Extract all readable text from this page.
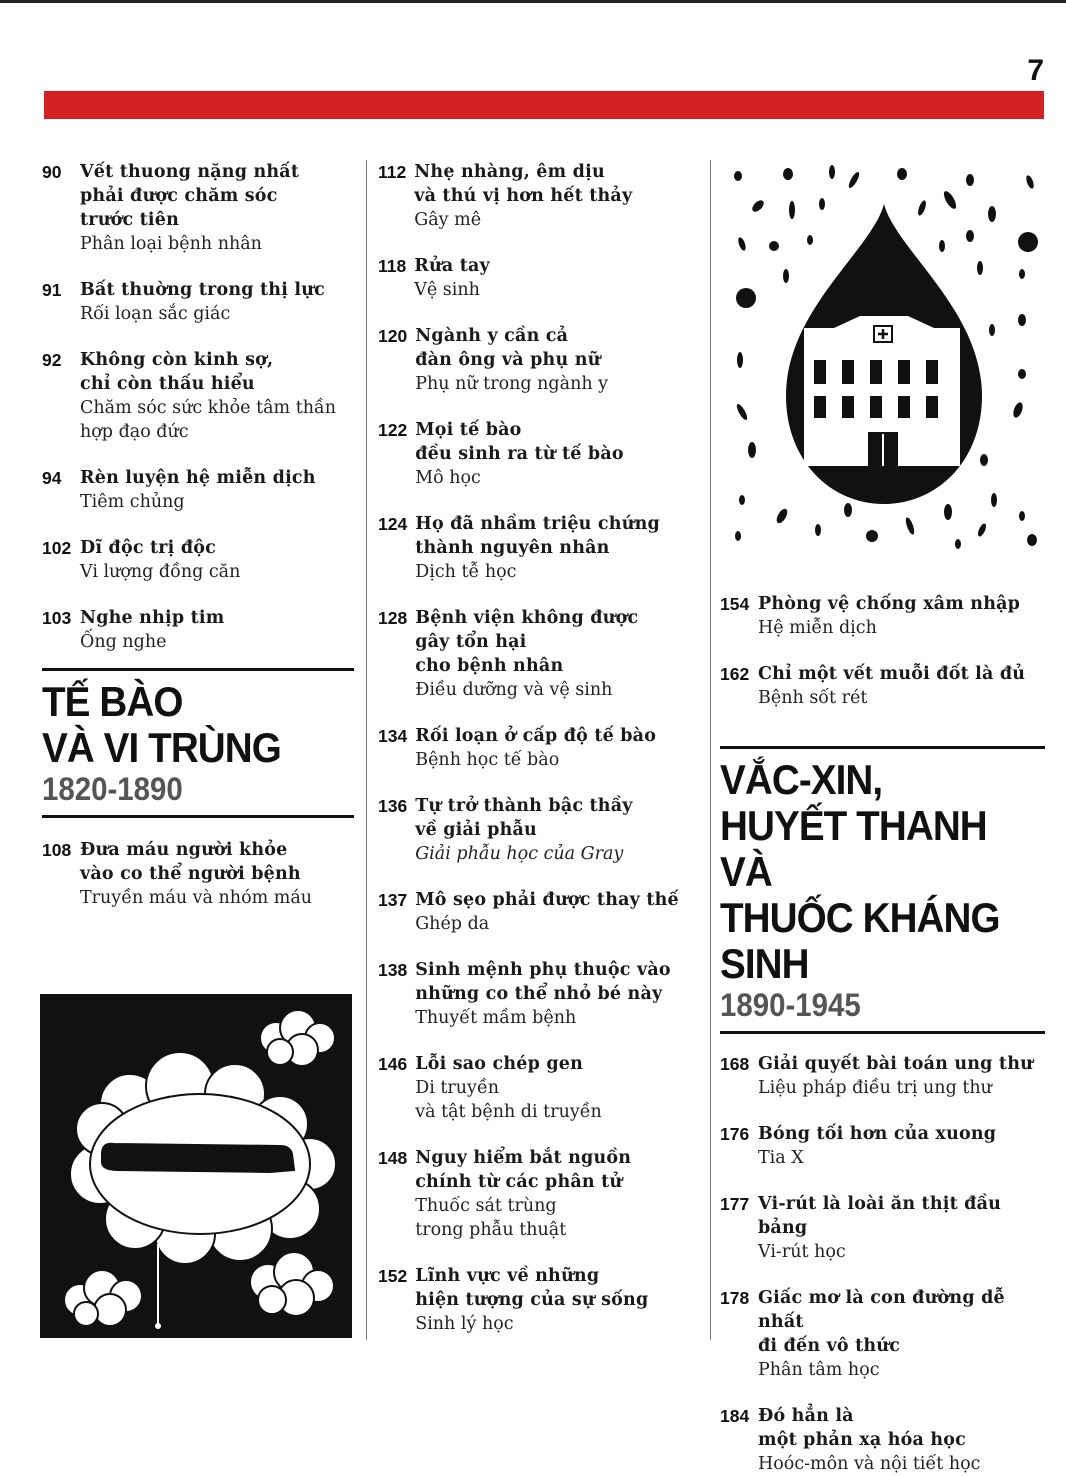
7
90	Vết thuong nặng nhất
phải được chăm sóc
trước tiên
Phân loại bệnh nhân
91	Bất thuờng trong thị lực
Rối loạn sắc giác
92	Không còn kinh sợ,
chỉ còn thấu hiểu
Chăm sóc sức khỏe tâm thần
hợp đạo đức
94	Rèn luyện hệ miễn dịch
Tiêm chủng
102 Dĩ độc trị độc
Vi lượng đồng căn
103 Nghe nhịp tim
Ống nghe
TẾ BÀO
VÀ VI TRÙNG
1820-1890
108 Đưa máu người khỏe
vào co thể người bệnh
Truyền máu và nhóm máu
112 Nhẹ nhàng, êm dịu
và thú vị hơn hết thảy
Gây mê
118 Rửa tay
Vệ sinh
120 Ngành y cần cả
đàn ông và phụ nữ
Phụ nữ trong ngành y
122 Mọi tế bào
đều sinh ra từ tế bào
Mô học
124 Họ đã nhầm triệu chứng
thành nguyên nhân
Dịch tễ học
128 Bệnh viện không được
gây tổn hại
cho bệnh nhân
Điều dưỡng và vệ sinh
134 Rối loạn ở cấp độ tế bào
Bệnh học tế bào
136 Tự trở thành bậc thầy
về giải phẫu
Giải phẫu học của Gray
137 Mô sẹo phải được thay thế
Ghép da
138 Sinh mệnh phụ thuộc vào
những co thể nhỏ bé này
Thuyết mầm bệnh
146 Lỗi sao chép gen
Di truyền
và tật bệnh di truyền
148 Nguy hiểm bắt nguồn
chính từ các phân tử
Thuốc sát trùng
trong phẫu thuật
152 Lĩnh vực về những
hiện tượng của sự sống
Sinh lý học
154 Phòng vệ chống xâm nhập
Hệ miễn dịch
162 Chỉ một vết muỗi đốt là đủ
Bệnh sốt rét
VẮC-XIN,
HUYẾT THANH VÀ
THUỐC KHÁNG SINH
1890-1945
168 Giải quyết bài toán ung thư
Liệu pháp điều trị ung thư
176 Bóng tối hơn của xuong
Tia X
177 Vi-rút là loài ăn thịt đầu bảng
Vi-rút học
178 Giấc mơ là con đường dễ nhất
đi đến vô thức
Phân tâm học
184 Đó hẳn là
một phản xạ hóa học
Hoóc-môn và nội tiết học
